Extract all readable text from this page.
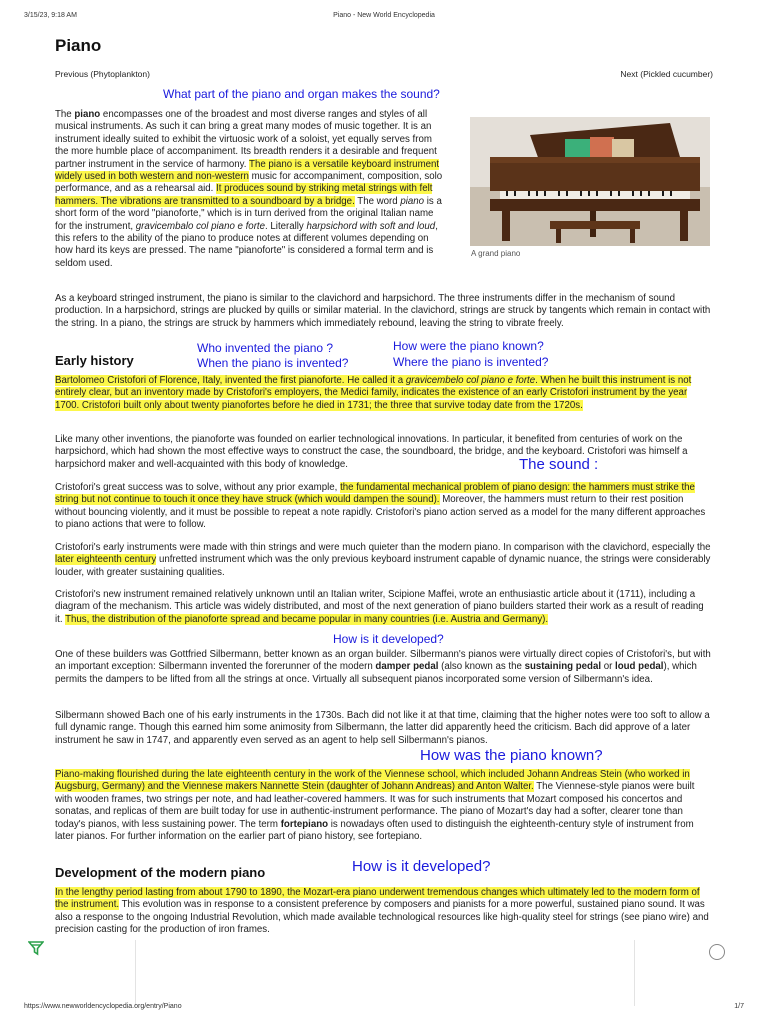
3/15/23, 9:18 AM	Piano - New World Encyclopedia
Piano
Previous (Phytoplankton)	Next (Pickled cucumber)
What part of the piano and organ makes the sound?
The piano encompasses one of the broadest and most diverse ranges and styles of all musical instruments. As such it can bring a great many modes of music together. It is an instrument ideally suited to exhibit the virtuosic work of a soloist, yet equally serves from the more humble place of accompaniment. Its breadth renders it a desirable and frequent partner instrument in the service of harmony. The piano is a versatile keyboard instrument widely used in both western and non-western music for accompaniment, composition, solo performance, and as a rehearsal aid. It produces sound by striking metal strings with felt hammers. The vibrations are transmitted to a soundboard by a bridge. The word piano is a short form of the word "pianoforte," which is in turn derived from the original Italian name for the instrument, gravicembalo col piano e forte. Literally harpsichord with soft and loud, this refers to the ability of the piano to produce notes at different volumes depending on how hard its keys are pressed. The name "pianoforte" is considered a formal term and is seldom used.
A grand piano
As a keyboard stringed instrument, the piano is similar to the clavichord and harpsichord. The three instruments differ in the mechanism of sound production. In a harpsichord, strings are plucked by quills or similar material. In the clavichord, strings are struck by tangents which remain in contact with the string. In a piano, the strings are struck by hammers which immediately rebound, leaving the string to vibrate freely.
Who invented the piano ?	How were the piano known?
When the piano is invented?	Where the piano is invented?
Early history
Bartolomeo Cristofori of Florence, Italy, invented the first pianoforte. He called it a gravicembelo col piano e forte. When he built this instrument is not entirely clear, but an inventory made by Cristofori's employers, the Medici family, indicates the existence of an early Cristofori instrument by the year 1700. Cristofori built only about twenty pianofortes before he died in 1731; the three that survive today date from the 1720s.
Like many other inventions, the pianoforte was founded on earlier technological innovations. In particular, it benefited from centuries of work on the harpsichord, which had shown the most effective ways to construct the case, the soundboard, the bridge, and the keyboard. Cristofori was himself a harpsichord maker and well-acquainted with this body of knowledge.	The sound :
Cristofori's great success was to solve, without any prior example, the fundamental mechanical problem of piano design: the hammers must strike the string but not continue to touch it once they have struck (which would dampen the sound). Moreover, the hammers must return to their rest position without bouncing violently, and it must be possible to repeat a note rapidly. Cristofori's piano action served as a model for the many different approaches to piano actions that were to follow.
Cristofori's early instruments were made with thin strings and were much quieter than the modern piano. In comparison with the clavichord, especially the later eighteenth century unfretted instrument which was the only previous keyboard instrument capable of dynamic nuance, the strings were considerably louder, with greater sustaining qualities.
Cristofori's new instrument remained relatively unknown until an Italian writer, Scipione Maffei, wrote an enthusiastic article about it (1711), including a diagram of the mechanism. This article was widely distributed, and most of the next generation of piano builders started their work as a result of reading it. Thus, the distribution of the pianoforte spread and became popular in many countries (i.e. Austria and Germany).
How is it developed?
One of these builders was Gottfried Silbermann, better known as an organ builder. Silbermann's pianos were virtually direct copies of Cristofori's, but with an important exception: Silbermann invented the forerunner of the modern damper pedal (also known as the sustaining pedal or loud pedal), which permits the dampers to be lifted from all the strings at once. Virtually all subsequent pianos incorporated some version of Silbermann's idea.
Silbermann showed Bach one of his early instruments in the 1730s. Bach did not like it at that time, claiming that the higher notes were too soft to allow a full dynamic range. Though this earned him some animosity from Silbermann, the latter did apparently heed the criticism. Bach did approve of a later instrument he saw in 1747, and apparently even served as an agent to help sell Silbermann's pianos.
How was the piano known?
Piano-making flourished during the late eighteenth century in the work of the Viennese school, which included Johann Andreas Stein (who worked in Augsburg, Germany) and the Viennese makers Nannette Stein (daughter of Johann Andreas) and Anton Walter. The Viennese-style pianos were built with wooden frames, two strings per note, and had leather-covered hammers. It was for such instruments that Mozart composed his concertos and sonatas, and replicas of them are built today for use in authentic-instrument performance. The piano of Mozart's day had a softer, clearer tone than today's pianos, with less sustaining power. The term fortepiano is nowadays often used to distinguish the eighteenth-century style of instrument from later pianos. For further information on the earlier part of piano history, see fortepiano.
Development of the modern piano	How is it developed?
In the lengthy period lasting from about 1790 to 1890, the Mozart-era piano underwent tremendous changes which ultimately led to the modern form of the instrument. This evolution was in response to a consistent preference by composers and pianists for a more powerful, sustained piano sound. It was also a response to the ongoing Industrial Revolution, which made available technological resources like high-quality steel for strings (see piano wire) and precision casting for the production of iron frames.
https://www.newworldencyclopedia.org/entry/Piano	1/7
